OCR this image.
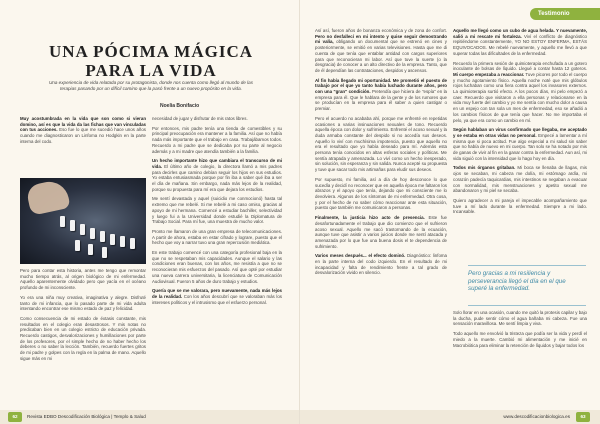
UNA PÓCIMA MÁGICA
PARA LA VIDA
Una experiencia de vida relatada por su protagonista, donde nos cuenta como llegó al mundo de las terapias pasando por un difícil camino que la pasó frente a un nuevo propósito en la vida.
Noelia Bonifacio

Muy acostumbrada en la vida que son como si vieran domino, así es que la vida da las fichas que van vinculadas con tus acciones. Eso fue lo que me sucedió hace unos años cuando me diagnosticaron un Linfoma no Hodgkin en la parte interna del codo.

Pero para contar esta historia, antes me tengo que remontar mucho tiempo atrás, al origen biológico de mi enfermedad. Aquello aparentemente olvidado pero que yacía en el océano profundo de mi inconsciente.

Yo era una niña muy creativa, imaginativa y alegre. Disfruté tanto de mi infancia, que lo pasado parte de mi vida adulta intentando encontrar ese mismo estado de paz y felicidad.

Como consecuencia de mi estado de éxtasis constante, mis resultados en el colegio eran desastrosos. Y mis notas no predicaban bien en un colegio estricto de educación privada. Recuerdo castigos, desvalorizaciones y humillaciones por parte de los profesores, por el simple hecho de no haber hecho los deberes o no saber la lección. También, recuerdo fuertes gritos de mi padre y golpes con la regla en la palma de mano. Aquello sigue más en mi

necesidad de jugar y disfrutar de mis ratos libres.

Por entonces, mis padre tenía una tienda de comestibles y su principal preocupación era mantener a la familia. Así que no había nada más importante que el trabajo en casa. Trabajábamos todos. Recuerdo a mi padre que se dedicaba por su parte al negocio además y a mi madre que atendía también a la familia.

Un hecho importante hizo que cambiara el transcurso de mi vida. El último año de colegio, la directora llamó a mis padres para decirles que camino debían seguir los hijos en sus estudios. Yo estaba entusiasmada porque por fin iba a saber qué iba a ser el día de mañana. Sin embargo, nada más lejos de la realidad, porque su propuesta para mí era que dejara los estudios.

Me sentí devastada y aquel (suicidio me conmocionó) hasta tal extremo que me rebelé. Si me rebelé a mi caso omiso, gracias al apoyo de mi hermana. Comencé a estudiar bachiller, selectividad y luego fui a la Universidad donde estudié la Diplomatura de Trabajo Social. Para mí fue, una muestra de mucho valor.

Pronto me llamaron de una gran empresa de telecomunicaciones. A partir de ahora, estaba en estar cifrado y lograre, puesto que el hecho que voy a narrar tuvo una gran repercusión mediática.

En este trabajo comencé con una categoría profesional baja en la que no se respetaban mis capacidades. Aunque el salario y las condiciones eran buenas, con los años, me resistía a que no se reconocieran mis esfuerzos del pasado. Así que opté por estudiar una nueva carrera universitaria, la licenciatura de Comunicación Audiovisual. Fueron 5 años de duro trabajo y estudios.

Quería que se me valorara, pero nuevamente, nada más lejos de la realidad. Con los años descubrí que se valoraban más los intereses políticos y el intrusismo que el esfuerzo personal.

62 Revista EDBO Descodificación Biológica | Templo & Salud

Así así, fueron años de bonanza económica y de zona de confort. Pero no desfallecí en mi intento y quise seguir demostrando mi valía, obligando un documental que se estrenó en cines y posteriormente, se emitió en varias televisiones. Hasta que me di cuenta de que tenía que entablar antidad con cargos superiores para que reconocieran mi labor. Así que tuve la suerte (o la desgracia) de conocer a un alto directivo de la empresa. Tanto, que de él dependían las contrataciones, despidos y ascensos.

Al fin había llegado mi oportunidad. Me prometió el puesto de trabajo por el que yo tanto había luchado durante años, pero con una "gran" condición. Pretendía que hiciera de "espía" en la empresa para él. Que le hablara de la gente y de los rumores que se producían en la empresa para él saber a quien castigar o premiar.

Pero el acuerdo no acababa ahí, porque me enfrenté en repetidas ocasiones a varias insinuaciones sexuales de tono. Recuerdo aquella época con dolor y sufrimiento. Enfrenté el acoso sexual y la duda armaba constante del despido si no accedía sus deseos. Aquello lo viví con muchísima impotencia, puesto que aquello no era el resultado que yo había deseado para mí. Además esta persona tenía conocidos en altas esferas sociales y políticas. Me sentía atrapada y amenazada. Lo viví como un hecho inesperado, sin solución, sin esperanza y sin salida. Nunca acepté su propuesta y tuve que sacar todo mis artimañas para eludir sus deseos.

Por supuesto, mi familia, así a día de hoy desconoce lo que sucedía y decidí no reconocer que en aquella época me faltaron los abrazos y el apoyo que tenía, dejando que mi consciente me lo devolviera. Algunos de los síntomas de mi enfermedad. Otra cosa, y por el hecho de no saber cómo reaccionar ante esta situación, puesto que también me comunicaron a personas.

Finalmente, la justicia hizo acto de presencia. Este fue desafortunadamente el trabajo que dio comienzo que el sufrieron acoso sexual. Aquello me sacó trastornando de la ecuación, aunque tuve que asistir a varios juicios donde me sentí atacada y amenazada por lo que fue una buena dosis el te dependencia de sufrimiento.

Varios meses después... el efecto dominó. Diagnóstico: linfoma en la parte interna del codo izquierdo. En el resultado de mi incapacidad y falta de rendimiento frente a tal grado de desvalorización vivido en silencio.

Aquello me llegó como un cubo de agua helada. Y nuevamente, salió a mi rescate mi fortaleza. Viví el conflicto de diagnóstico repitiéndome constantemente, YO NO ESTOY ENFERMA, ESTÁS EQUIVOCADOS. Me rebelé nuevamente, y aquello me llevó a que superar todas las dificultades de la enfermedad.

Recuerdo la primera sesión de quimioterapia enchufada a un gotero inoculante de bolsas de líquido. Llegué a contar hasta 12 goteros. Mi cuerpo empezaba a reaccionar. Tuve picores por todo el cuerpo y mucho agotamiento físico. Aquella noche noté que mis glóbulos rojos luchaban como una fiera contra aquel los invasores externos. La quimioterapia surtió efecto. A los pocos días, mi pelo empezó a caer. Recuerdo que visitaron a ella personas y relacionarse en la vida muy fuerte del cambio y yo me sentía con mucho dolor a causa en un espejo con tan sola un mes de enfermedad, eso se añadió a los cambios físicos de que tenía que hacer. No me importaba el pelo, ya que era como un cambio en mí.

Según hablaban un virus confirmado que llegaba, me aceptado y se estaba en otras vidas no personal. Empecé a lamentar a mí misma que si poca actitud. Fue algo especial a mi salud sin saber que no había de nuevo en mi cuerpo. Tan solo se ha notado por mis de ganas de vivir al fin en la ganar contra la enfermedad. Aun así, mi vida siguió con la intensidad que lo hago hoy en día.

Todos mis órganos gritaban. Mi boca se llenaba de llagas, mis ojos se secaban, mi cabeza me dolía, mi estómago ardía, mi corazón padecía taquicardias, mis intestinos se negaban a evacuar con normalidad, mis menstruaciones y apetito sexual me abandonaron y mi piel se secaba.

Quiero agradecer a mi pareja el impecable acompañamiento que tuve a mí lado durante la enfermedad. Siempre a mi lado. Incansable.

Solo llorar en una ocasión, cuando me quitó la protesis capilar y bajo la ducha, pude sentir cómo el agua bañaba mi cabeza. Fue una sensación maravillosa. Me sentí limpia y viva.

Todo aquello me envolvió la tristeza que podía ser la vida y perdí el miedo a la muerte. Cambió mi alimentación y me inicié en Macrobiótica para eliminar la retención de líquidos y bajar todos los

www.descodificacionbiologica.es	63
Testimonio
Pero gracias a mi resiliencia y perseverancia llegó el día en el que superé la enfermedad.
